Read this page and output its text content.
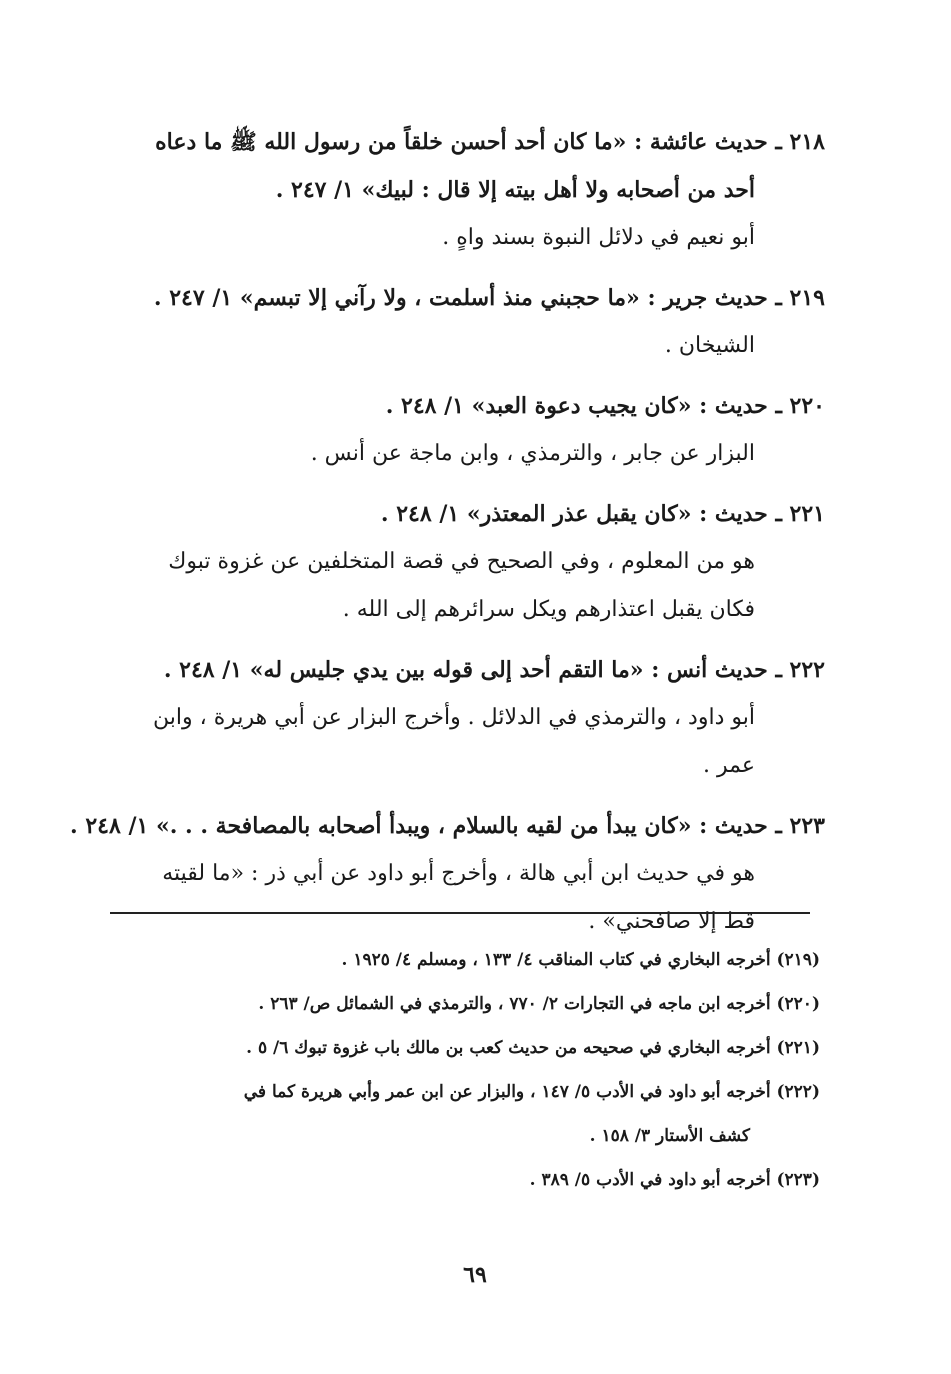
٢١٨ ـ حديث عائشة : «ما كان أحد أحسن خلقاً من رسول الله ﷺ ما دعاه
أحد من أصحابه ولا أهل بيته إلا قال : لبيك» ١/ ٢٤٧ .
أبو نعيم في دلائل النبوة بسند واهٍ .
٢١٩ ـ حديث جرير : «ما حجبني منذ أسلمت ، ولا رآني إلا تبسم» ١/ ٢٤٧ .
الشيخان .
٢٢٠ ـ حديث : «كان يجيب دعوة العبد» ١/ ٢٤٨ .
البزار عن جابر ، والترمذي ، وابن ماجة عن أنس .
٢٢١ ـ حديث : «كان يقبل عذر المعتذر» ١/ ٢٤٨ .
هو من المعلوم ، وفي الصحيح في قصة المتخلفين عن غزوة تبوك
فكان يقبل اعتذارهم ويكل سرائرهم إلى الله .
٢٢٢ ـ حديث أنس : «ما التقم أحد إلى قوله بين يدي جليس له» ١/ ٢٤٨ .
أبو داود ، والترمذي في الدلائل . وأخرج البزار عن أبي هريرة ، وابن
عمر .
٢٢٣ ـ حديث : «كان يبدأ من لقيه بالسلام ، ويبدأ أصحابه بالمصافحة . . .» ١/ ٢٤٨ .
هو في حديث ابن أبي هالة ، وأخرج أبو داود عن أبي ذر : «ما لقيته
قط إلا صافحني» .
(٢١٩) أخرجه البخاري في كتاب المناقب ٤/ ١٣٣ ، ومسلم ٤/ ١٩٢٥ .
(٢٢٠) أخرجه ابن ماجه في التجارات ٢/ ٧٧٠ ، والترمذي في الشمائل ص/ ٢٦٣ .
(٢٢١) أخرجه البخاري في صحيحه من حديث كعب بن مالك باب غزوة تبوك ٦/ ٥ .
(٢٢٢) أخرجه أبو داود في الأدب ٥/ ١٤٧ ، والبزار عن ابن عمر وأبي هريرة كما في
كشف الأستار ٣/ ١٥٨ .
(٢٢٣) أخرجه أبو داود في الأدب ٥/ ٣٨٩ .
٦٩
